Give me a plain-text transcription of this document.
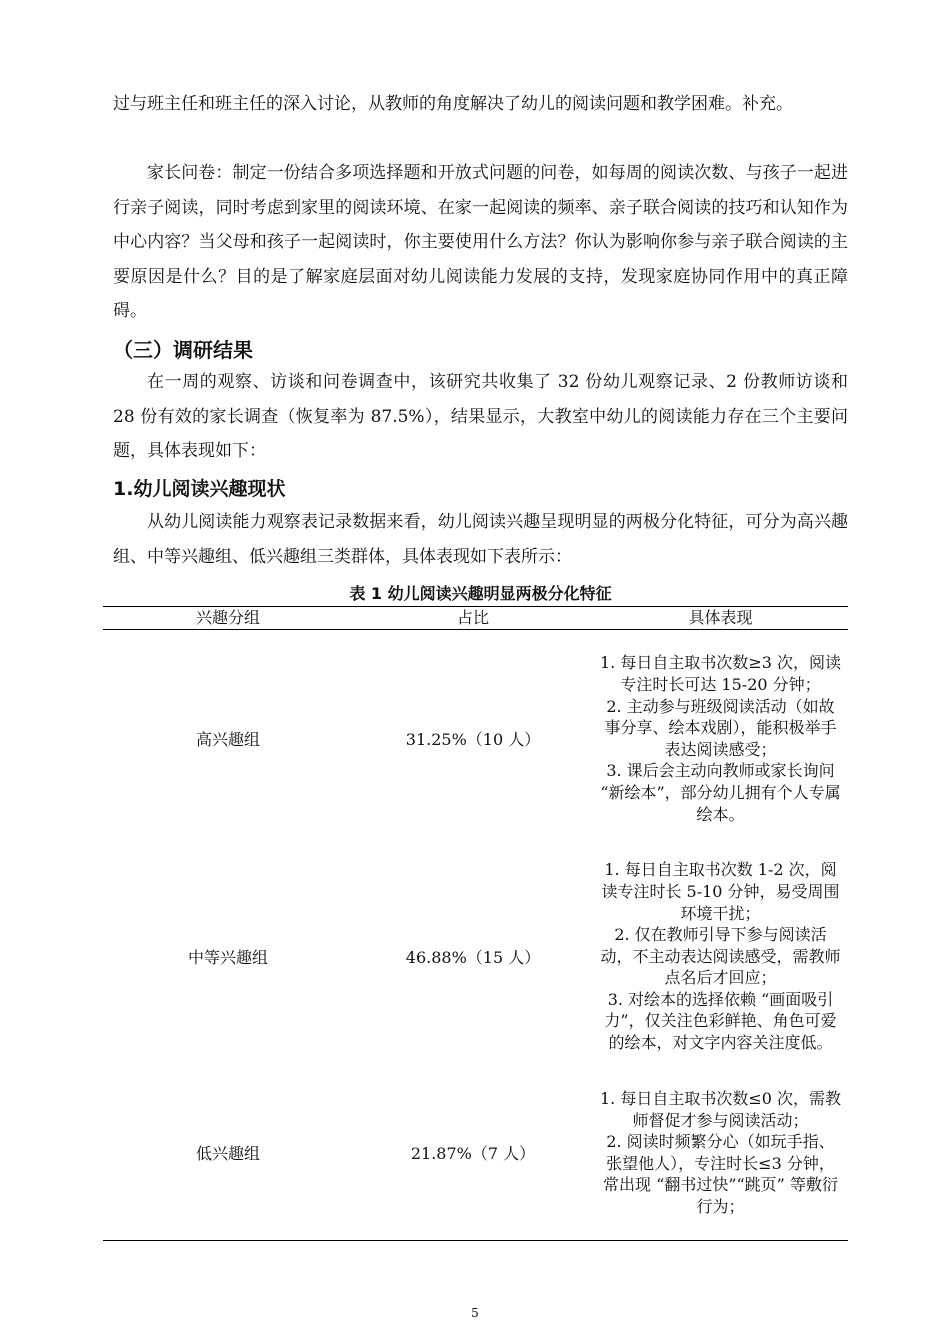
过与班主任和班主任的深入讨论，从教师的角度解决了幼儿的阅读问题和教学困难。补充。

家长问卷：制定一份结合多项选择题和开放式问题的问卷，如每周的阅读次数、与孩子一起进行亲子阅读，同时考虑到家里的阅读环境、在家一起阅读的频率、亲子联合阅读的技巧和认知作为中心内容？当父母和孩子一起阅读时，你主要使用什么方法？你认为影响你参与亲子联合阅读的主要原因是什么？目的是了解家庭层面对幼儿阅读能力发展的支持，发现家庭协同作用中的真正障碍。

（三）调研结果

在一周的观察、访谈和问卷调查中，该研究共收集了 32 份幼儿观察记录、2 份教师访谈和 28 份有效的家长调查（恢复率为 87.5%），结果显示，大教室中幼儿的阅读能力存在三个主要问题，具体表现如下：

1.幼儿阅读兴趣现状

从幼儿阅读能力观察表记录数据来看，幼儿阅读兴趣呈现明显的两极分化特征，可分为高兴趣组、中等兴趣组、低兴趣组三类群体，具体表现如下表所示：

表 1 幼儿阅读兴趣明显两极分化特征
兴趣分组	占比	具体表现
高兴趣组	31.25%（10 人）	1. 每日自主取书次数≥3 次，阅读专注时长可达 15-20 分钟；
2. 主动参与班级阅读活动（如故事分享、绘本戏剧），能积极举手表达阅读感受；
3. 课后会主动向教师或家长询问 “新绘本”，部分幼儿拥有个人专属绘本。

中等兴趣组	46.88%（15 人）	1. 每日自主取书次数 1-2 次，阅读专注时长 5-10 分钟，易受周围环境干扰；
2. 仅在教师引导下参与阅读活动，不主动表达阅读感受，需教师点名后才回应；
3. 对绘本的选择依赖 “画面吸引力”，仅关注色彩鲜艳、角色可爱的绘本，对文字内容关注度低。

低兴趣组	21.87%（7 人）	1. 每日自主取书次数≤0 次，需教师督促才参与阅读活动；
2. 阅读时频繁分心（如玩手指、张望他人），专注时长≤3 分钟，常出现 “翻书过快”“跳页” 等敷衍行为；
5
